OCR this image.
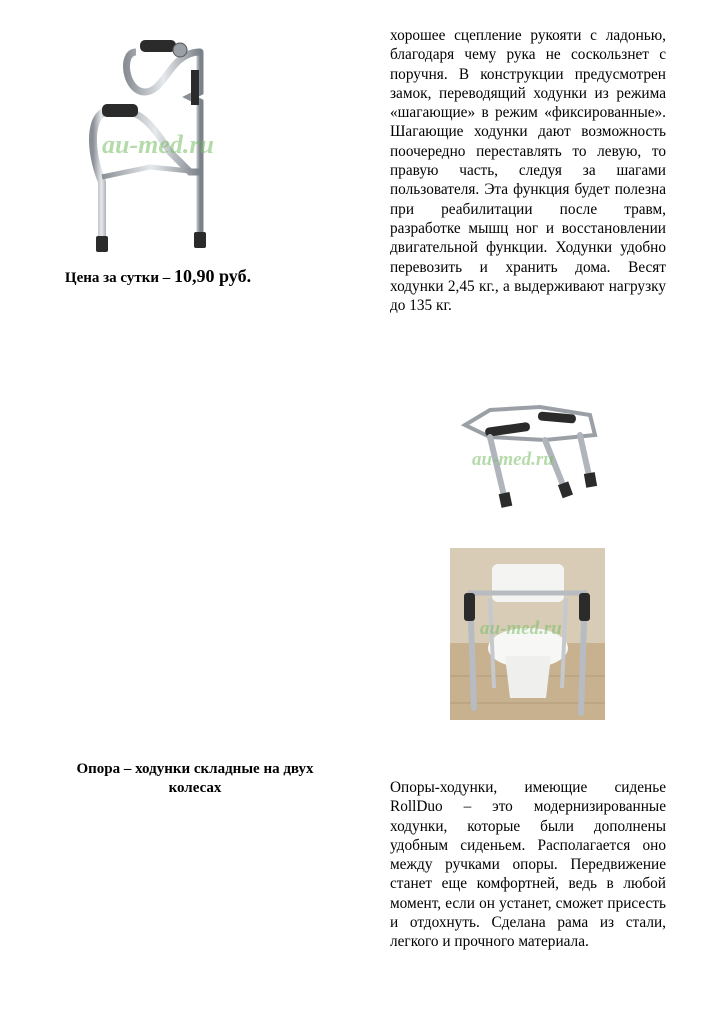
au-med.ru
Цена за сутки – 10,90 руб.
хорошее сцепление рукояти с ладонью, благодаря чему рука не соскользнет с поручня. В конструкции предусмотрен замок, переводящий ходунки из режима «шагающие» в режим «фиксированные». Шагающие ходунки дают возможность поочередно переставлять то левую, то правую часть, следуя за шагами пользователя. Эта функция будет полезна при реабилитации после травм, разработке мышц ног и восстановлении двигательной функции. Ходунки удобно перевозить и хранить дома. Весят ходунки 2,45 кг., а выдерживают нагрузку до 135 кг.
au-med.ru
au-med.ru
Опора – ходунки складные на двух колесах	Опоры-ходунки, имеющие сиденье RollDuo – это модернизированные ходунки, которые были дополнены удобным сиденьем. Располагается оно между ручками опоры. Передвижение станет еще комфортней, ведь в любой момент, если он устанет, сможет присесть и отдохнуть. Сделана рама из стали, легкого и прочного материала.
